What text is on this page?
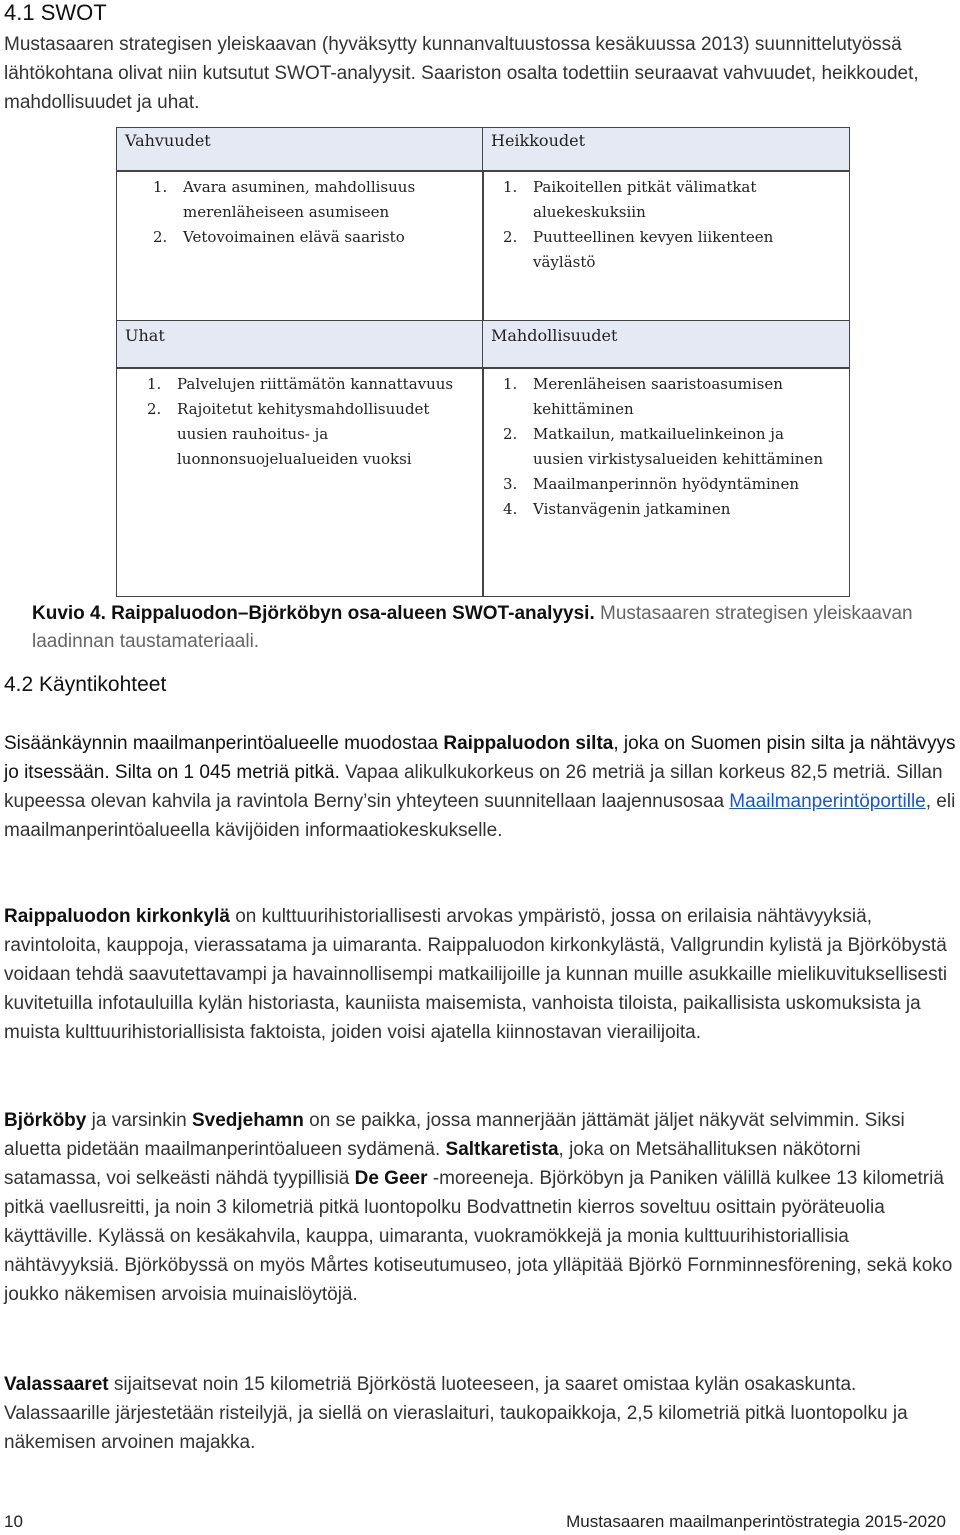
4.1 SWOT
Mustasaaren strategisen yleiskaavan (hyväksytty kunnanvaltuustossa kesäkuussa 2013) suunnittelutyössä lähtökohtana olivat niin kutsutut SWOT-analyysit. Saariston osalta todettiin seuraavat vahvuudet, heikkoudet, mahdollisuudet ja uhat.
Vahvuudet	Heikkoudet
1. Avara asuminen, mahdollisuus merenläheiseen asumiseen
2. Vetovoimainen elävä saaristo
1. Paikoitellen pitkät välimatkat aluekeskuksiin
2. Puutteellinen kevyen liikenteen väylästö
Uhat	Mahdollisuudet
1. Palvelujen riittämätön kannattavuus
2. Rajoitetut kehitysmahdollisuudet uusien rauhoitus- ja luonnonsuojelualueiden vuoksi
1. Merenläheisen saaristoasumisen kehittäminen
2. Matkailun, matkailuelinkeinon ja uusien virkistysalueiden kehittäminen
3. Maailmanperinnön hyödyntäminen
4. Vistanvägenin jatkaminen
Kuvio 4. Raippaluodon–Björköbyn osa-alueen SWOT-analyysi. Mustasaaren strategisen yleiskaavan laadinnan taustamateriaali.
4.2 Käyntikohteet
Sisäänkäynnin maailmanperintöalueelle muodostaa Raippaluodon silta, joka on Suomen pisin silta ja nähtävyys jo itsessään. Silta on 1 045 metriä pitkä. Vapaa alikulkukorkeus on 26 metriä ja sillan korkeus 82,5 metriä. Sillan kupeessa olevan kahvila ja ravintola Berny’sin yhteyteen suunnitellaan laajennusosaa Maailmanperintöportille, eli maailmanperintöalueella kävijöiden informaatiokeskukselle.
Raippaluodon kirkonkylä on kulttuurihistoriallisesti arvokas ympäristö, jossa on erilaisia nähtävyyksiä, ravintoloita, kauppoja, vierassatama ja uimaranta. Raippaluodon kirkonkylästä, Vallgrundin kylistä ja Björköbystä voidaan tehdä saavutettavampi ja havainnollisempi matkailijoille ja kunnan muille asukkaille mielikuvituksellisesti kuvitetuilla infotauluilla kylän historiasta, kauniista maisemista, vanhoista tiloista, paikallisista uskomuksista ja muista kulttuurihistoriallisista faktoista, joiden voisi ajatella kiinnostavan vierailijoita.
Björköby ja varsinkin Svedjehamn on se paikka, jossa mannerjään jättämät jäljet näkyvät selvimmin. Siksi aluetta pidetään maailmanperintöalueen sydämenä. Saltkaretista, joka on Metsähallituksen näkötorni satamassa, voi selkeästi nähdä tyypillisiä De Geer -moreeneja. Björköbyn ja Paniken välillä kulkee 13 kilometriä pitkä vaellusreitti, ja noin 3 kilometriä pitkä luontopolku Bodvattnetin kierros soveltuu osittain pyöräteuolia käyttäville. Kylässä on kesäkahvila, kauppa, uimaranta, vuokramökkejä ja monia kulttuurihistoriallisia nähtävyyksiä. Björköbyssä on myös Mårtes kotiseutumuseo, jota ylläpitää Björkö Fornminnesförening, sekä koko joukko näkemisen arvoisia muinaislöytöjä.
Valassaaret sijaitsevat noin 15 kilometriä Björköstä luoteeseen, ja saaret omistaa kylän osakaskunta. Valassaarille järjestetään risteilyjä, ja siellä on vieraslaituri, taukopaikkoja, 2,5 kilometriä pitkä luontopolku ja näkemisen arvoinen majakka.
10	Mustasaaren maailmanperintöstrategia 2015-2020
